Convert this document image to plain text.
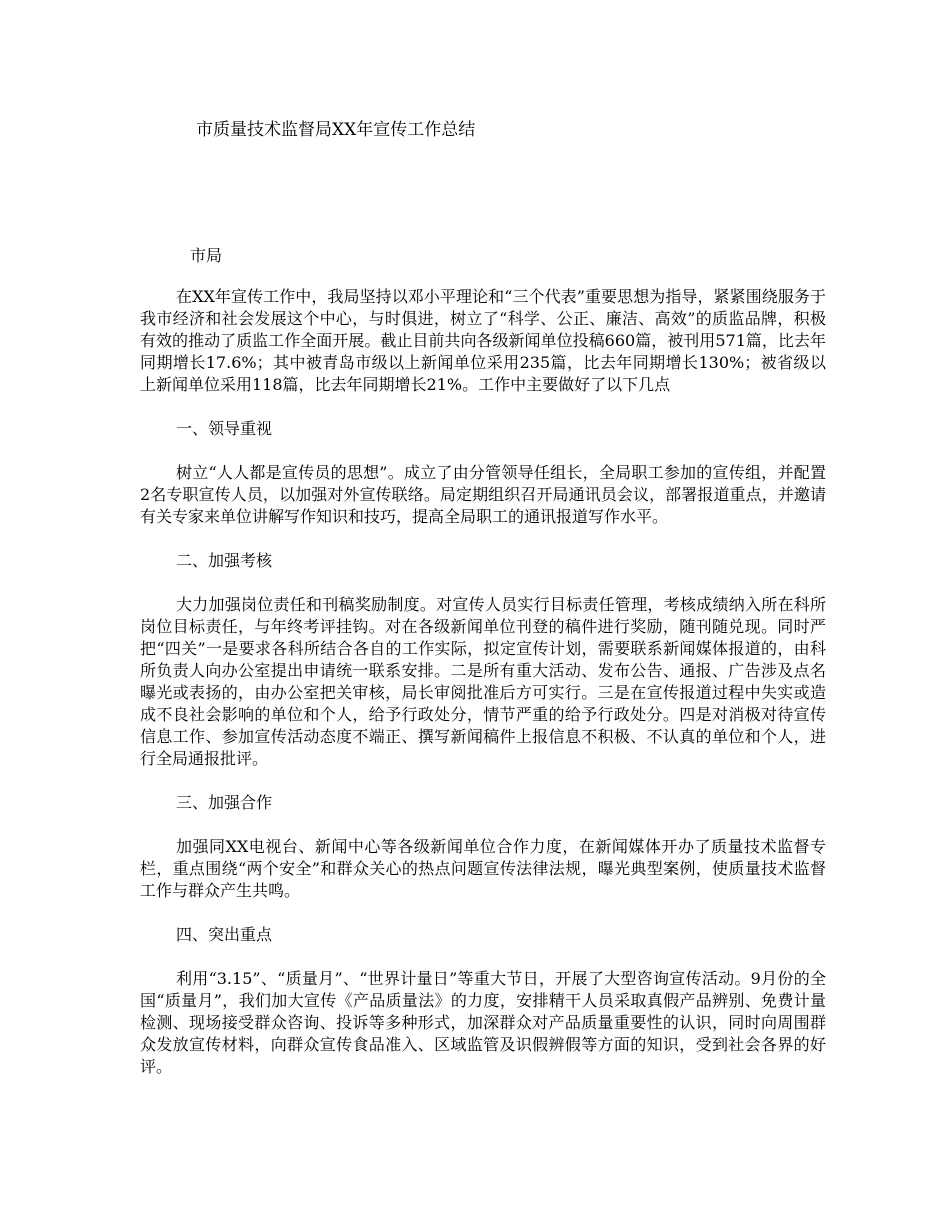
市质量技术监督局XX年宣传工作总结

市局

在XX年宣传工作中，我局坚持以邓小平理论和“三个代表”重要思想为指导，紧紧围绕服务于我市经济和社会发展这个中心，与时俱进，树立了“科学、公正、廉洁、高效”的质监品牌，积极有效的推动了质监工作全面开展。截止目前共向各级新闻单位投稿660篇，被刊用571篇，比去年同期增长17.6%；其中被青岛市级以上新闻单位采用235篇，比去年同期增长130%；被省级以上新闻单位采用118篇，比去年同期增长21%。工作中主要做好了以下几点

一、领导重视

树立“人人都是宣传员的思想”。成立了由分管领导任组长，全局职工参加的宣传组，并配置2名专职宣传人员，以加强对外宣传联络。局定期组织召开局通讯员会议，部署报道重点，并邀请有关专家来单位讲解写作知识和技巧，提高全局职工的通讯报道写作水平。

二、加强考核

大力加强岗位责任和刊稿奖励制度。对宣传人员实行目标责任管理，考核成绩纳入所在科所岗位目标责任，与年终考评挂钩。对在各级新闻单位刊登的稿件进行奖励，随刊随兑现。同时严把“四关”一是要求各科所结合各自的工作实际，拟定宣传计划，需要联系新闻媒体报道的，由科所负责人向办公室提出申请统一联系安排。二是所有重大活动、发布公告、通报、广告涉及点名曝光或表扬的，由办公室把关审核，局长审阅批准后方可实行。三是在宣传报道过程中失实或造成不良社会影响的单位和个人，给予行政处分，情节严重的给予行政处分。四是对消极对待宣传信息工作、参加宣传活动态度不端正、撰写新闻稿件上报信息不积极、不认真的单位和个人，进行全局通报批评。

三、加强合作

加强同XX电视台、新闻中心等各级新闻单位合作力度，在新闻媒体开办了质量技术监督专栏，重点围绕“两个安全”和群众关心的热点问题宣传法律法规，曝光典型案例，使质量技术监督工作与群众产生共鸣。

四、突出重点

利用“3.15”、“质量月”、“世界计量日”等重大节日，开展了大型咨询宣传活动。9月份的全国“质量月”，我们加大宣传《产品质量法》的力度，安排精干人员采取真假产品辨别、免费计量检测、现场接受群众咨询、投诉等多种形式，加深群众对产品质量重要性的认识，同时向周围群众发放宣传材料，向群众宣传食品准入、区域监管及识假辨假等方面的知识，受到社会各界的好评。
